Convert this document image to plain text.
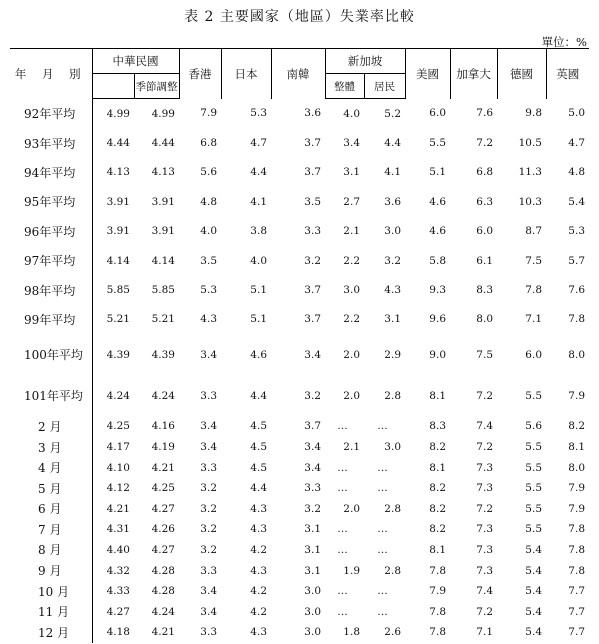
表 2 主要國家（地區）失業率比較
單位：%
年 月 別	中華民國		香港	日本	南韓	新加坡		美國	加拿大	德國	英國
		季節調整				整體	居民				
92年平均	4.99	4.99	7.9	5.3	3.6	4.0	5.2	6.0	7.6	9.8	5.0
93年平均	4.44	4.44	6.8	4.7	3.7	3.4	4.4	5.5	7.2	10.5	4.7
94年平均	4.13	4.13	5.6	4.4	3.7	3.1	4.1	5.1	6.8	11.3	4.8
95年平均	3.91	3.91	4.8	4.1	3.5	2.7	3.6	4.6	6.3	10.3	5.4
96年平均	3.91	3.91	4.0	3.8	3.3	2.1	3.0	4.6	6.0	8.7	5.3
97年平均	4.14	4.14	3.5	4.0	3.2	2.2	3.2	5.8	6.1	7.5	5.7
98年平均	5.85	5.85	5.3	5.1	3.7	3.0	4.3	9.3	8.3	7.8	7.6
99年平均	5.21	5.21	4.3	5.1	3.7	2.2	3.1	9.6	8.0	7.1	7.8
100年平均	4.39	4.39	3.4	4.6	3.4	2.0	2.9	9.0	7.5	6.0	8.0
101年平均	4.24	4.24	3.3	4.4	3.2	2.0	2.8	8.1	7.2	5.5	7.9
2 月	4.25	4.16	3.4	4.5	3.7	…	…	8.3	7.4	5.6	8.2
3 月	4.17	4.19	3.4	4.5	3.4	2.1	3.0	8.2	7.2	5.5	8.1
4 月	4.10	4.21	3.3	4.5	3.4	…	…	8.1	7.3	5.5	8.0
5 月	4.12	4.25	3.2	4.4	3.3	…	…	8.2	7.3	5.5	7.9
6 月	4.21	4.27	3.2	4.3	3.2	2.0	2.8	8.2	7.2	5.5	7.9
7 月	4.31	4.26	3.2	4.3	3.1	…	…	8.2	7.3	5.5	7.8
8 月	4.40	4.27	3.2	4.2	3.1	…	…	8.1	7.3	5.4	7.8
9 月	4.32	4.28	3.3	4.3	3.1	1.9	2.8	7.8	7.3	5.4	7.8
10 月	4.33	4.28	3.4	4.2	3.0	…	…	7.9	7.4	5.4	7.7
11 月	4.27	4.24	3.4	4.2	3.0	…	…	7.8	7.2	5.4	7.7
12 月	4.18	4.21	3.3	4.3	3.0	1.8	2.6	7.8	7.1	5.4	7.7
